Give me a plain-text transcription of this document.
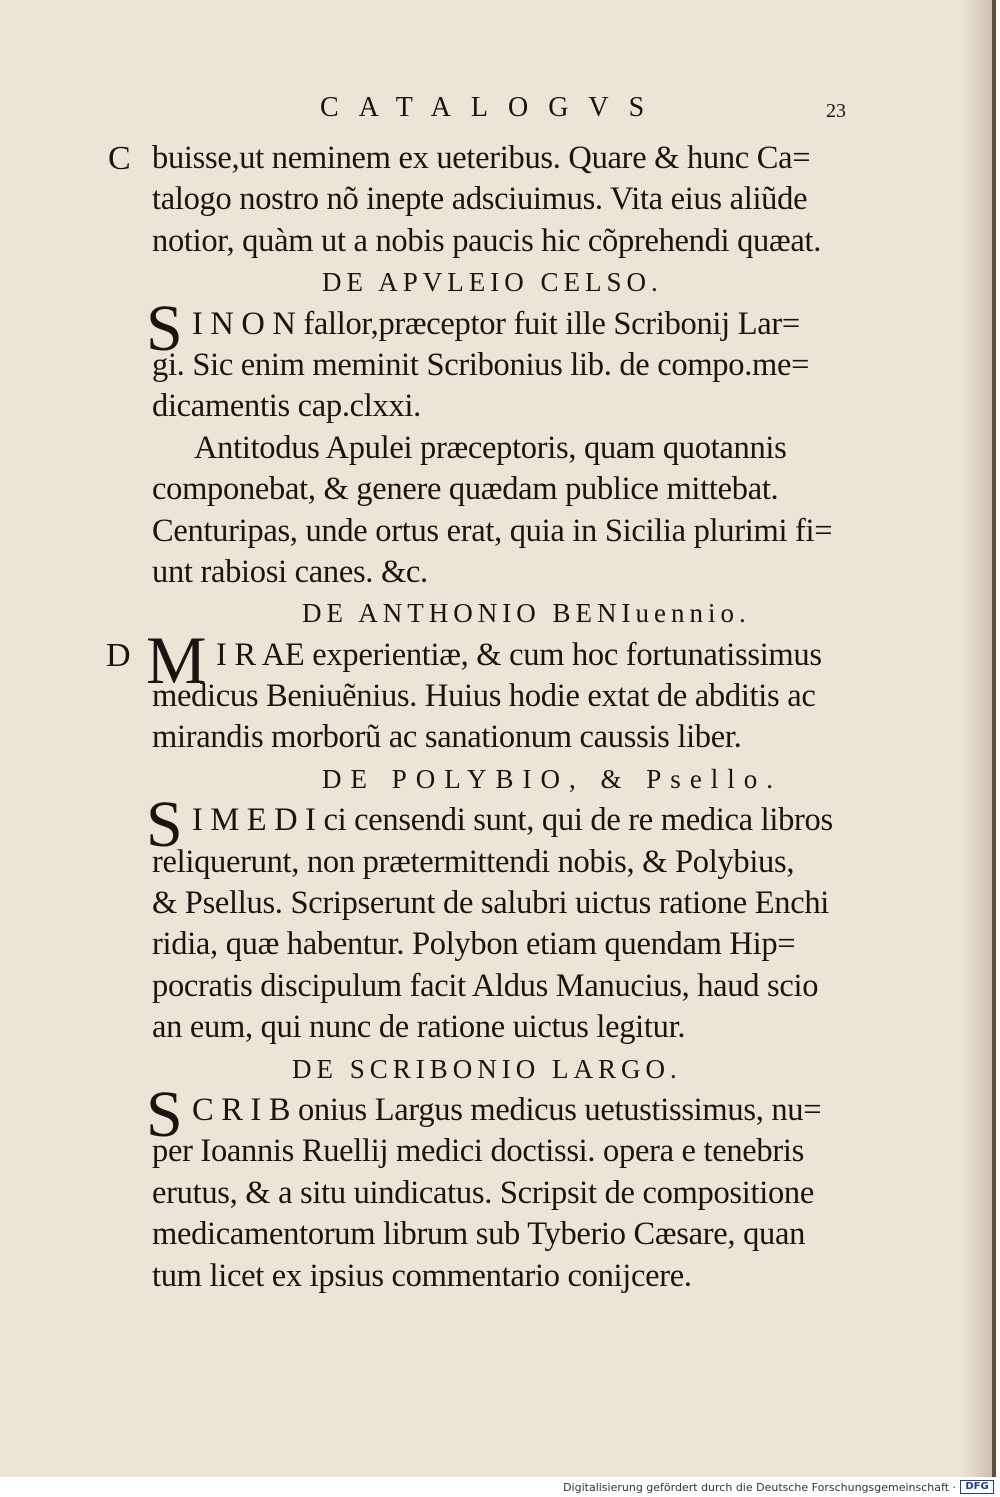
CATALOGVS	23
C buisse,ut neminem ex ueteribus. Quare & hunc Ca=
talogo nostro nõ inepte adsciuimus. Vita eius aliũde
notior, quàm ut a nobis paucis hic cõprehendi quæat.
DE APVLEIO CELSO.
S I N O N fallor,præceptor fuit ille Scribonij Lar=
gi. Sic enim meminit Scribonius lib. de compo.me=
dicamentis cap.clxxi.
Antitodus Apulei præceptoris, quam quotannis
componebat, & genere quædam publice mittebat.
Centuripas, unde ortus erat, quia in Sicilia plurimi fi=
unt rabiosi canes. &c.
DE ANTHONIO BENIuennio.
D M I R AE experientiæ, & cum hoc fortunatissimus
medicus Beniuẽnius. Huius hodie extat de abditis ac
mirandis morborũ ac sanationum caussis liber.
DE POLYBIO, & Psello.
S I M E D I ci censendi sunt, qui de re medica libros
reliquerunt, non prætermittendi nobis, & Polybius,
& Psellus. Scripserunt de salubri uictus ratione Enchi
ridia, quæ habentur. Polybon etiam quendam Hip=
pocratis discipulum facit Aldus Manucius, haud scio
an eum, qui nunc de ratione uictus legitur.
DE SCRIBONIO LARGO.
S C R I B onius Largus medicus uetustissimus, nu=
per Ioannis Ruellij medici doctissi. opera e tenebris
erutus, & a situ uindicatus. Scripsit de compositione
medicamentorum librum sub Tyberio Cæsare, quan
tum licet ex ipsius commentario conijcere.
Digitalisierung gefördert durch die Deutsche Forschungsgemeinschaft · DFG
